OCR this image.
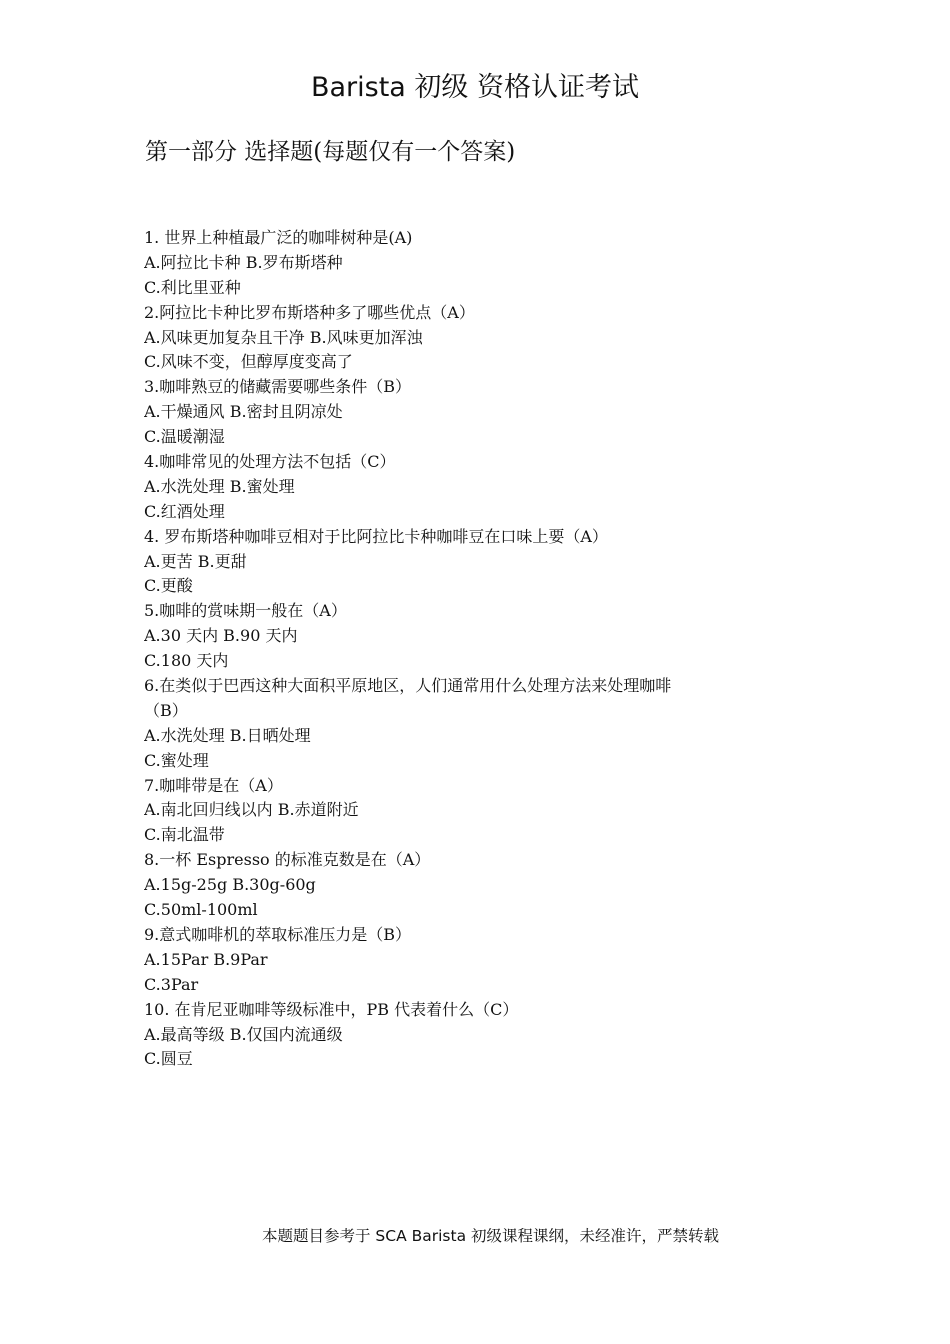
Barista 初级 资格认证考试
第一部分 选择题(每题仅有一个答案)
1. 世界上种植最广泛的咖啡树种是(A)
A.阿拉比卡种 B.罗布斯塔种
C.利比里亚种
2.阿拉比卡种比罗布斯塔种多了哪些优点（A）
A.风味更加复杂且干净 B.风味更加浑浊
C.风味不变，但醇厚度变高了
3.咖啡熟豆的储藏需要哪些条件（B）
A.干燥通风 B.密封且阴凉处
C.温暖潮湿
4.咖啡常见的处理方法不包括（C）
A.水洗处理 B.蜜处理
C.红酒处理
4. 罗布斯塔种咖啡豆相对于比阿拉比卡种咖啡豆在口味上要（A）
A.更苦 B.更甜
C.更酸
5.咖啡的赏味期一般在（A）
A.30 天内 B.90 天内
C.180 天内
6.在类似于巴西这种大面积平原地区，人们通常用什么处理方法来处理咖啡
（B）
A.水洗处理 B.日晒处理
C.蜜处理
7.咖啡带是在（A）
A.南北回归线以内 B.赤道附近
C.南北温带
8.一杯 Espresso 的标准克数是在（A）
A.15g-25g B.30g-60g
C.50ml-100ml
9.意式咖啡机的萃取标准压力是（B）
A.15Par B.9Par
C.3Par
10. 在肯尼亚咖啡等级标准中，PB 代表着什么（C）
A.最高等级 B.仅国内流通级
C.圆豆
本题题目参考于 SCA Barista 初级课程课纲，未经准许，严禁转载
